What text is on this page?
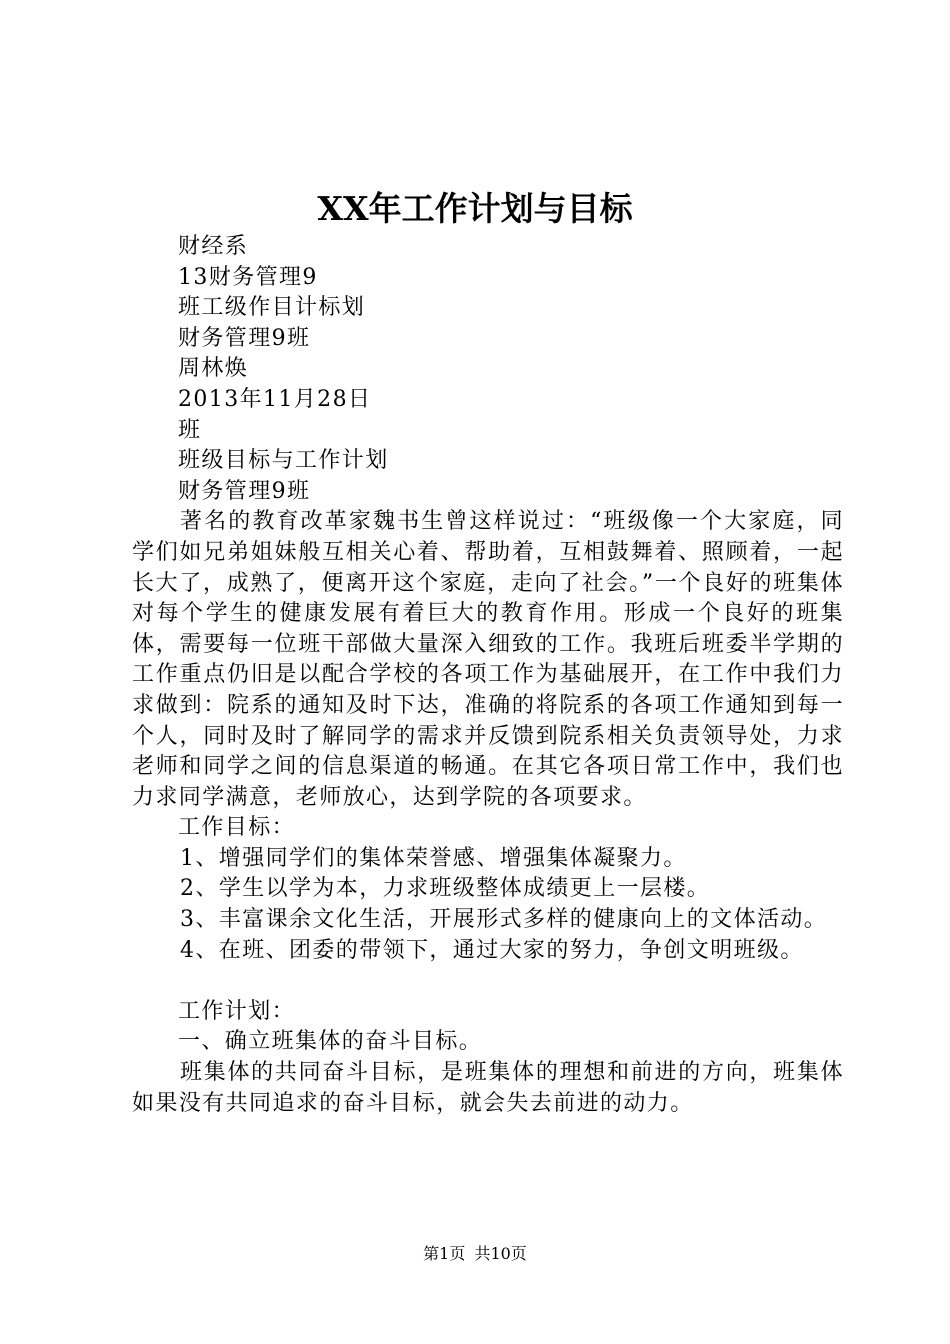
XX年工作计划与目标

财经系

13财务管理9

班工级作目计标划

财务管理9班

周林焕

2013年11月28日

班

班级目标与工作计划

财务管理9班

著名的教育改革家魏书生曾这样说过：“班级像一个大家庭，同学们如兄弟姐妹般互相关心着、帮助着，互相鼓舞着、照顾着，一起长大了，成熟了，便离开这个家庭，走向了社会。”一个良好的班集体对每个学生的健康发展有着巨大的教育作用。形成一个良好的班集体，需要每一位班干部做大量深入细致的工作。我班后班委半学期的工作重点仍旧是以配合学校的各项工作为基础展开，在工作中我们力求做到：院系的通知及时下达，准确的将院系的各项工作通知到每一个人，同时及时了解同学的需求并反馈到院系相关负责领导处，力求老师和同学之间的信息渠道的畅通。在其它各项日常工作中，我们也力求同学满意，老师放心，达到学院的各项要求。

工作目标：

1、增强同学们的集体荣誉感、增强集体凝聚力。

2、学生以学为本，力求班级整体成绩更上一层楼。

3、丰富课余文化生活，开展形式多样的健康向上的文体活动。

4、在班、团委的带领下，通过大家的努力，争创文明班级。

工作计划：

一、确立班集体的奋斗目标。

班集体的共同奋斗目标，是班集体的理想和前进的方向，班集体如果没有共同追求的奋斗目标，就会失去前进的动力。

第1页 共10页
